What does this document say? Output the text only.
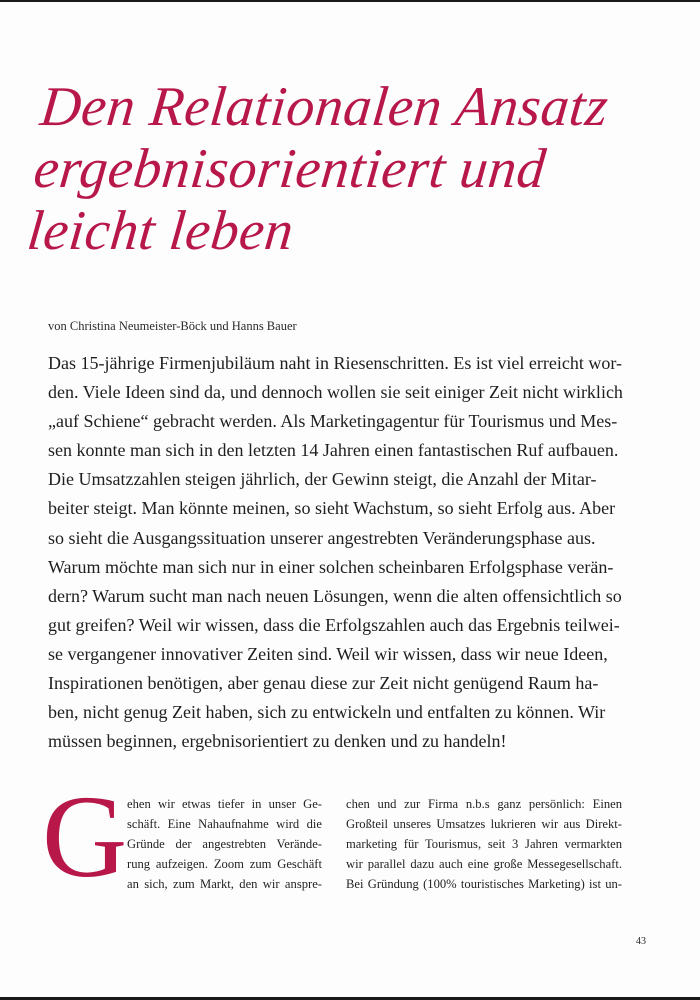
Den Relationalen Ansatz
ergebnisorientiert und
leicht leben
von Christina Neumeister-Böck und Hanns Bauer
Das 15-jährige Firmenjubiläum naht in Riesenschritten. Es ist viel erreicht wor-
den. Viele Ideen sind da, und dennoch wollen sie seit einiger Zeit nicht wirklich
„auf Schiene“ gebracht werden. Als Marketingagentur für Tourismus und Mes-
sen konnte man sich in den letzten 14 Jahren einen fantastischen Ruf aufbauen.
Die Umsatzzahlen steigen jährlich, der Gewinn steigt, die Anzahl der Mitar-
beiter steigt. Man könnte meinen, so sieht Wachstum, so sieht Erfolg aus. Aber
so sieht die Ausgangssituation unserer angestrebten Veränderungsphase aus.
Warum möchte man sich nur in einer solchen scheinbaren Erfolgsphase verän-
dern? Warum sucht man nach neuen Lösungen, wenn die alten offensichtlich so
gut greifen? Weil wir wissen, dass die Erfolgszahlen auch das Ergebnis teilwei-
se vergangener innovativer Zeiten sind. Weil wir wissen, dass wir neue Ideen,
Inspirationen benötigen, aber genau diese zur Zeit nicht genügend Raum ha-
ben, nicht genug Zeit haben, sich zu entwickeln und entfalten zu können. Wir
müssen beginnen, ergebnisorientiert zu denken und zu handeln!
G ehen wir etwas tiefer in unser Ge-
schäft. Eine Nahaufnahme wird die
Gründe der angestrebten Verände-
rung aufzeigen. Zoom zum Geschäft
an sich, zum Markt, den wir anspre-
chen und zur Firma n.b.s ganz persönlich: Einen
Großteil unseres Umsatzes lukrieren wir aus Direkt-
marketing für Tourismus, seit 3 Jahren vermarkten
wir parallel dazu auch eine große Messegesellschaft.
Bei Gründung (100% touristisches Marketing) ist un-
43
